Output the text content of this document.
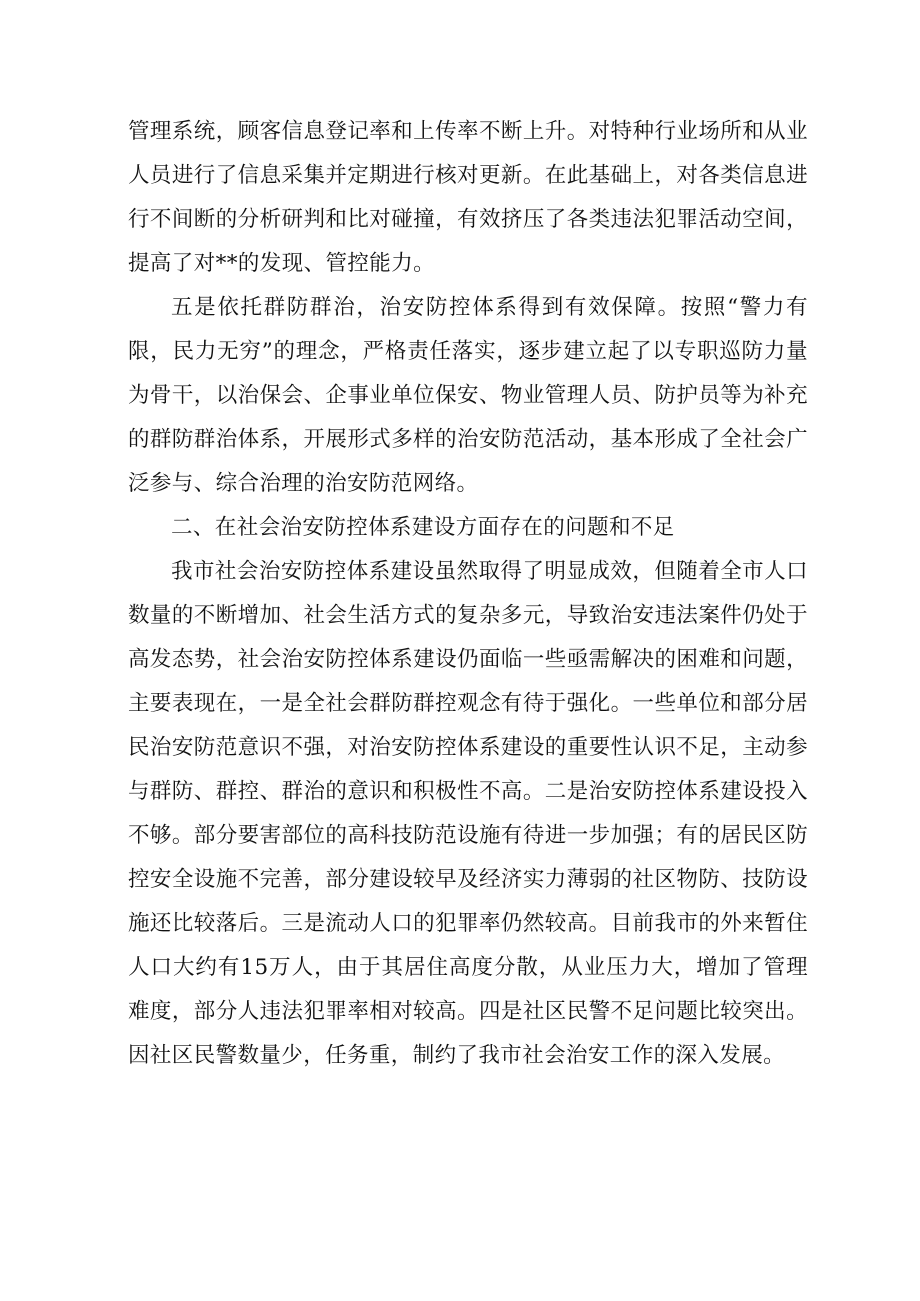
管理系统，顾客信息登记率和上传率不断上升。对特种行业场所和从业人员进行了信息采集并定期进行核对更新。在此基础上，对各类信息进行不间断的分析研判和比对碰撞，有效挤压了各类违法犯罪活动空间，提高了对**的发现、管控能力。

五是依托群防群治，治安防控体系得到有效保障。按照“警力有限，民力无穷”的理念，严格责任落实，逐步建立起了以专职巡防力量为骨干，以治保会、企事业单位保安、物业管理人员、防护员等为补充的群防群治体系，开展形式多样的治安防范活动，基本形成了全社会广泛参与、综合治理的治安防范网络。

二、在社会治安防控体系建设方面存在的问题和不足

我市社会治安防控体系建设虽然取得了明显成效，但随着全市人口数量的不断增加、社会生活方式的复杂多元，导致治安违法案件仍处于高发态势，社会治安防控体系建设仍面临一些亟需解决的困难和问题，主要表现在，一是全社会群防群控观念有待于强化。一些单位和部分居民治安防范意识不强，对治安防控体系建设的重要性认识不足，主动参与群防、群控、群治的意识和积极性不高。二是治安防控体系建设投入不够。部分要害部位的高科技防范设施有待进一步加强；有的居民区防控安全设施不完善，部分建设较早及经济实力薄弱的社区物防、技防设施还比较落后。三是流动人口的犯罪率仍然较高。目前我市的外来暂住人口大约有15万人，由于其居住高度分散，从业压力大，增加了管理难度，部分人违法犯罪率相对较高。四是社区民警不足问题比较突出。因社区民警数量少，任务重，制约了我市社会治安工作的深入发展。
